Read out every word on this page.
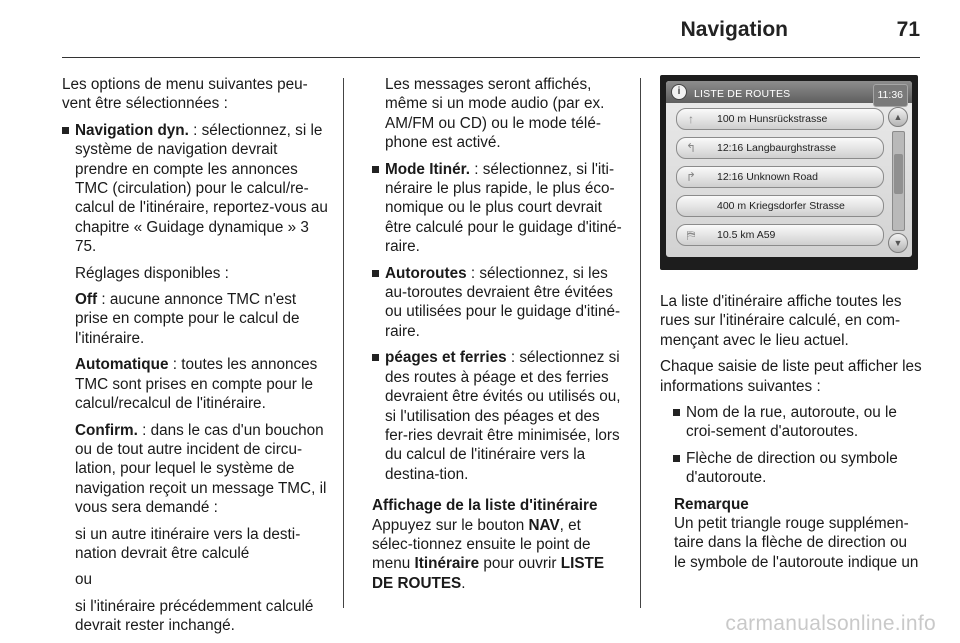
Navigation	71

Les options de menu suivantes peu-vent être sélectionnées :

Navigation dyn. : sélectionnez, si le système de navigation devrait prendre en compte les annonces TMC (circulation) pour le calcul/re-calcul de l'itinéraire, reportez-vous au chapitre « Guidage dynamique » 3 75.

Réglages disponibles :

Off : aucune annonce TMC n'est prise en compte pour le calcul de l'itinéraire.

Automatique : toutes les annonces TMC sont prises en compte pour le calcul/recalcul de l'itinéraire.

Confirm. : dans le cas d'un bouchon ou de tout autre incident de circu-lation, pour lequel le système de navigation reçoit un message TMC, il vous sera demandé :

si un autre itinéraire vers la desti-nation devrait être calculé

ou

si l'itinéraire précédemment calculé devrait rester inchangé.

Les messages seront affichés, même si un mode audio (par ex. AM/FM ou CD) ou le mode télé-phone est activé.

Mode Itinér. : sélectionnez, si l'iti-néraire le plus rapide, le plus éco-nomique ou le plus court devrait être calculé pour le guidage d'itiné-raire.
Autoroutes : sélectionnez, si les au-toroutes devraient être évitées ou utilisées pour le guidage d'itiné-raire.
péages et ferries : sélectionnez si des routes à péage et des ferries devraient être évités ou utilisés ou, si l'utilisation des péages et des fer-ries devrait être minimisée, lors du calcul de l'itinéraire vers la destina-tion.

Affichage de la liste d'itinéraire

Appuyez sur le bouton NAV, et sélec-tionnez ensuite le point de menu Itinéraire pour ouvrir LISTE DE ROUTES.

i	LISTE DE ROUTES	11:36
↑	100 m Hunsrückstrasse
↰ 12:16 Langbaurghstrasse
↱ 12:16 Unknown Road
400 m Kriegsdorfer Strasse
⛿	10.5 km A59
▲
▼

La liste d'itinéraire affiche toutes les rues sur l'itinéraire calculé, en com-mençant avec le lieu actuel.

Chaque saisie de liste peut afficher les informations suivantes :

Nom de la rue, autoroute, ou le croi-sement d'autoroutes.
Flèche de direction ou symbole d'autoroute.
Remarque
Un petit triangle rouge supplémen-taire dans la flèche de direction ou le symbole de l'autoroute indique un
carmanualsonline.info
